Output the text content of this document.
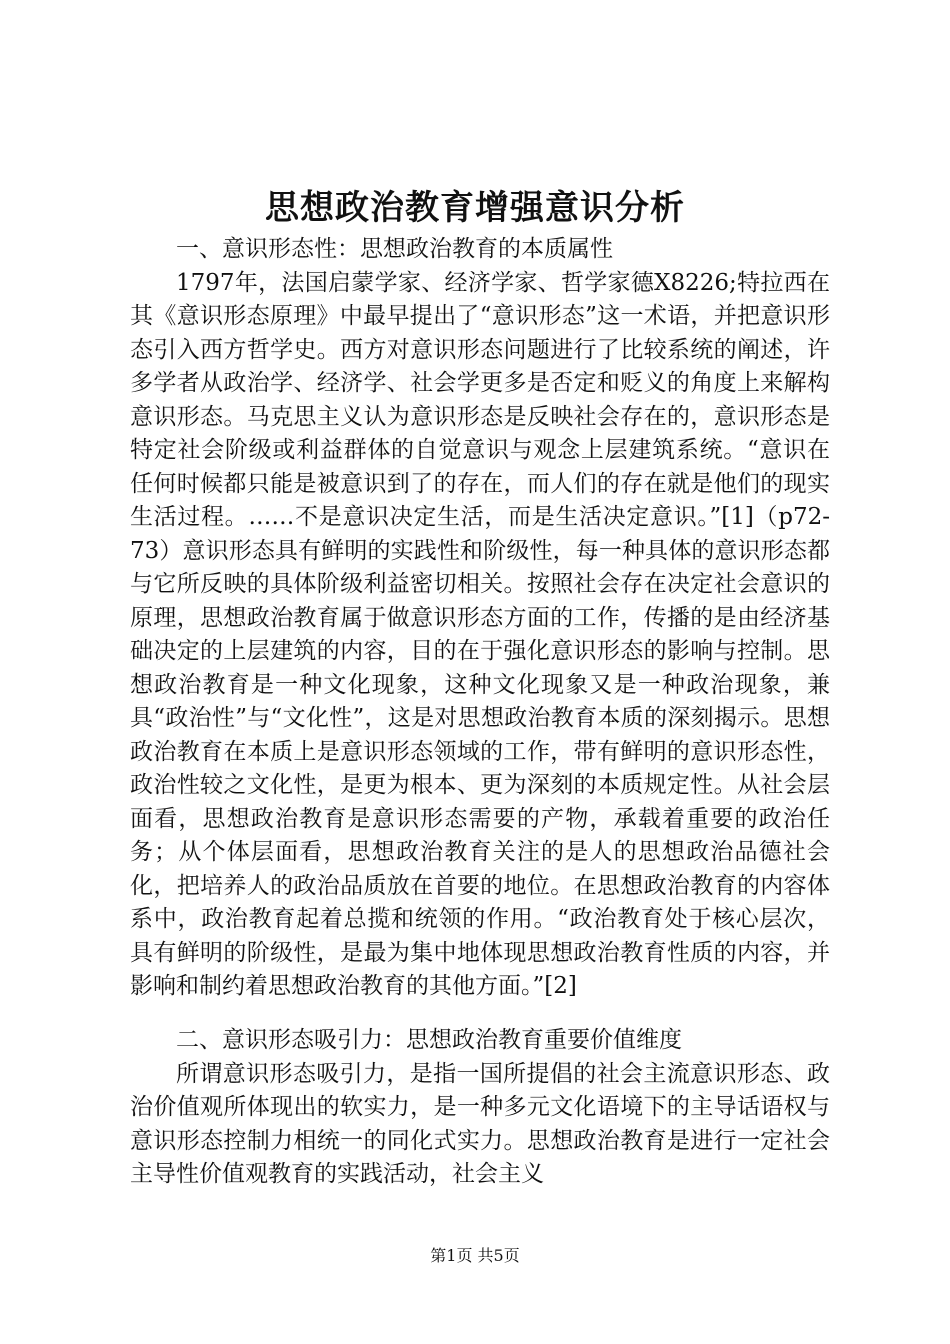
思想政治教育增强意识分析

一、意识形态性：思想政治教育的本质属性

1797年，法国启蒙学家、经济学家、哲学家德X8226;特拉西在其《意识形态原理》中最早提出了“意识形态”这一术语，并把意识形态引入西方哲学史。西方对意识形态问题进行了比较系统的阐述，许多学者从政治学、经济学、社会学更多是否定和贬义的角度上来解构意识形态。马克思主义认为意识形态是反映社会存在的，意识形态是特定社会阶级或利益群体的自觉意识与观念上层建筑系统。“意识在任何时候都只能是被意识到了的存在，而人们的存在就是他们的现实生活过程。……不是意识决定生活，而是生活决定意识。”[1]（p72-73）意识形态具有鲜明的实践性和阶级性，每一种具体的意识形态都与它所反映的具体阶级利益密切相关。按照社会存在决定社会意识的原理，思想政治教育属于做意识形态方面的工作，传播的是由经济基础决定的上层建筑的内容，目的在于强化意识形态的影响与控制。思想政治教育是一种文化现象，这种文化现象又是一种政治现象，兼具“政治性”与“文化性”，这是对思想政治教育本质的深刻揭示。思想政治教育在本质上是意识形态领域的工作，带有鲜明的意识形态性，政治性较之文化性，是更为根本、更为深刻的本质规定性。从社会层面看，思想政治教育是意识形态需要的产物，承载着重要的政治任务；从个体层面看，思想政治教育关注的是人的思想政治品德社会化，把培养人的政治品质放在首要的地位。在思想政治教育的内容体系中，政治教育起着总揽和统领的作用。“政治教育处于核心层次，具有鲜明的阶级性，是最为集中地体现思想政治教育性质的内容，并影响和制约着思想政治教育的其他方面。”[2]

二、意识形态吸引力：思想政治教育重要价值维度

所谓意识形态吸引力，是指一国所提倡的社会主流意识形态、政治价值观所体现出的软实力，是一种多元文化语境下的主导话语权与意识形态控制力相统一的同化式实力。思想政治教育是进行一定社会主导性价值观教育的实践活动，社会主义

第1页 共5页
